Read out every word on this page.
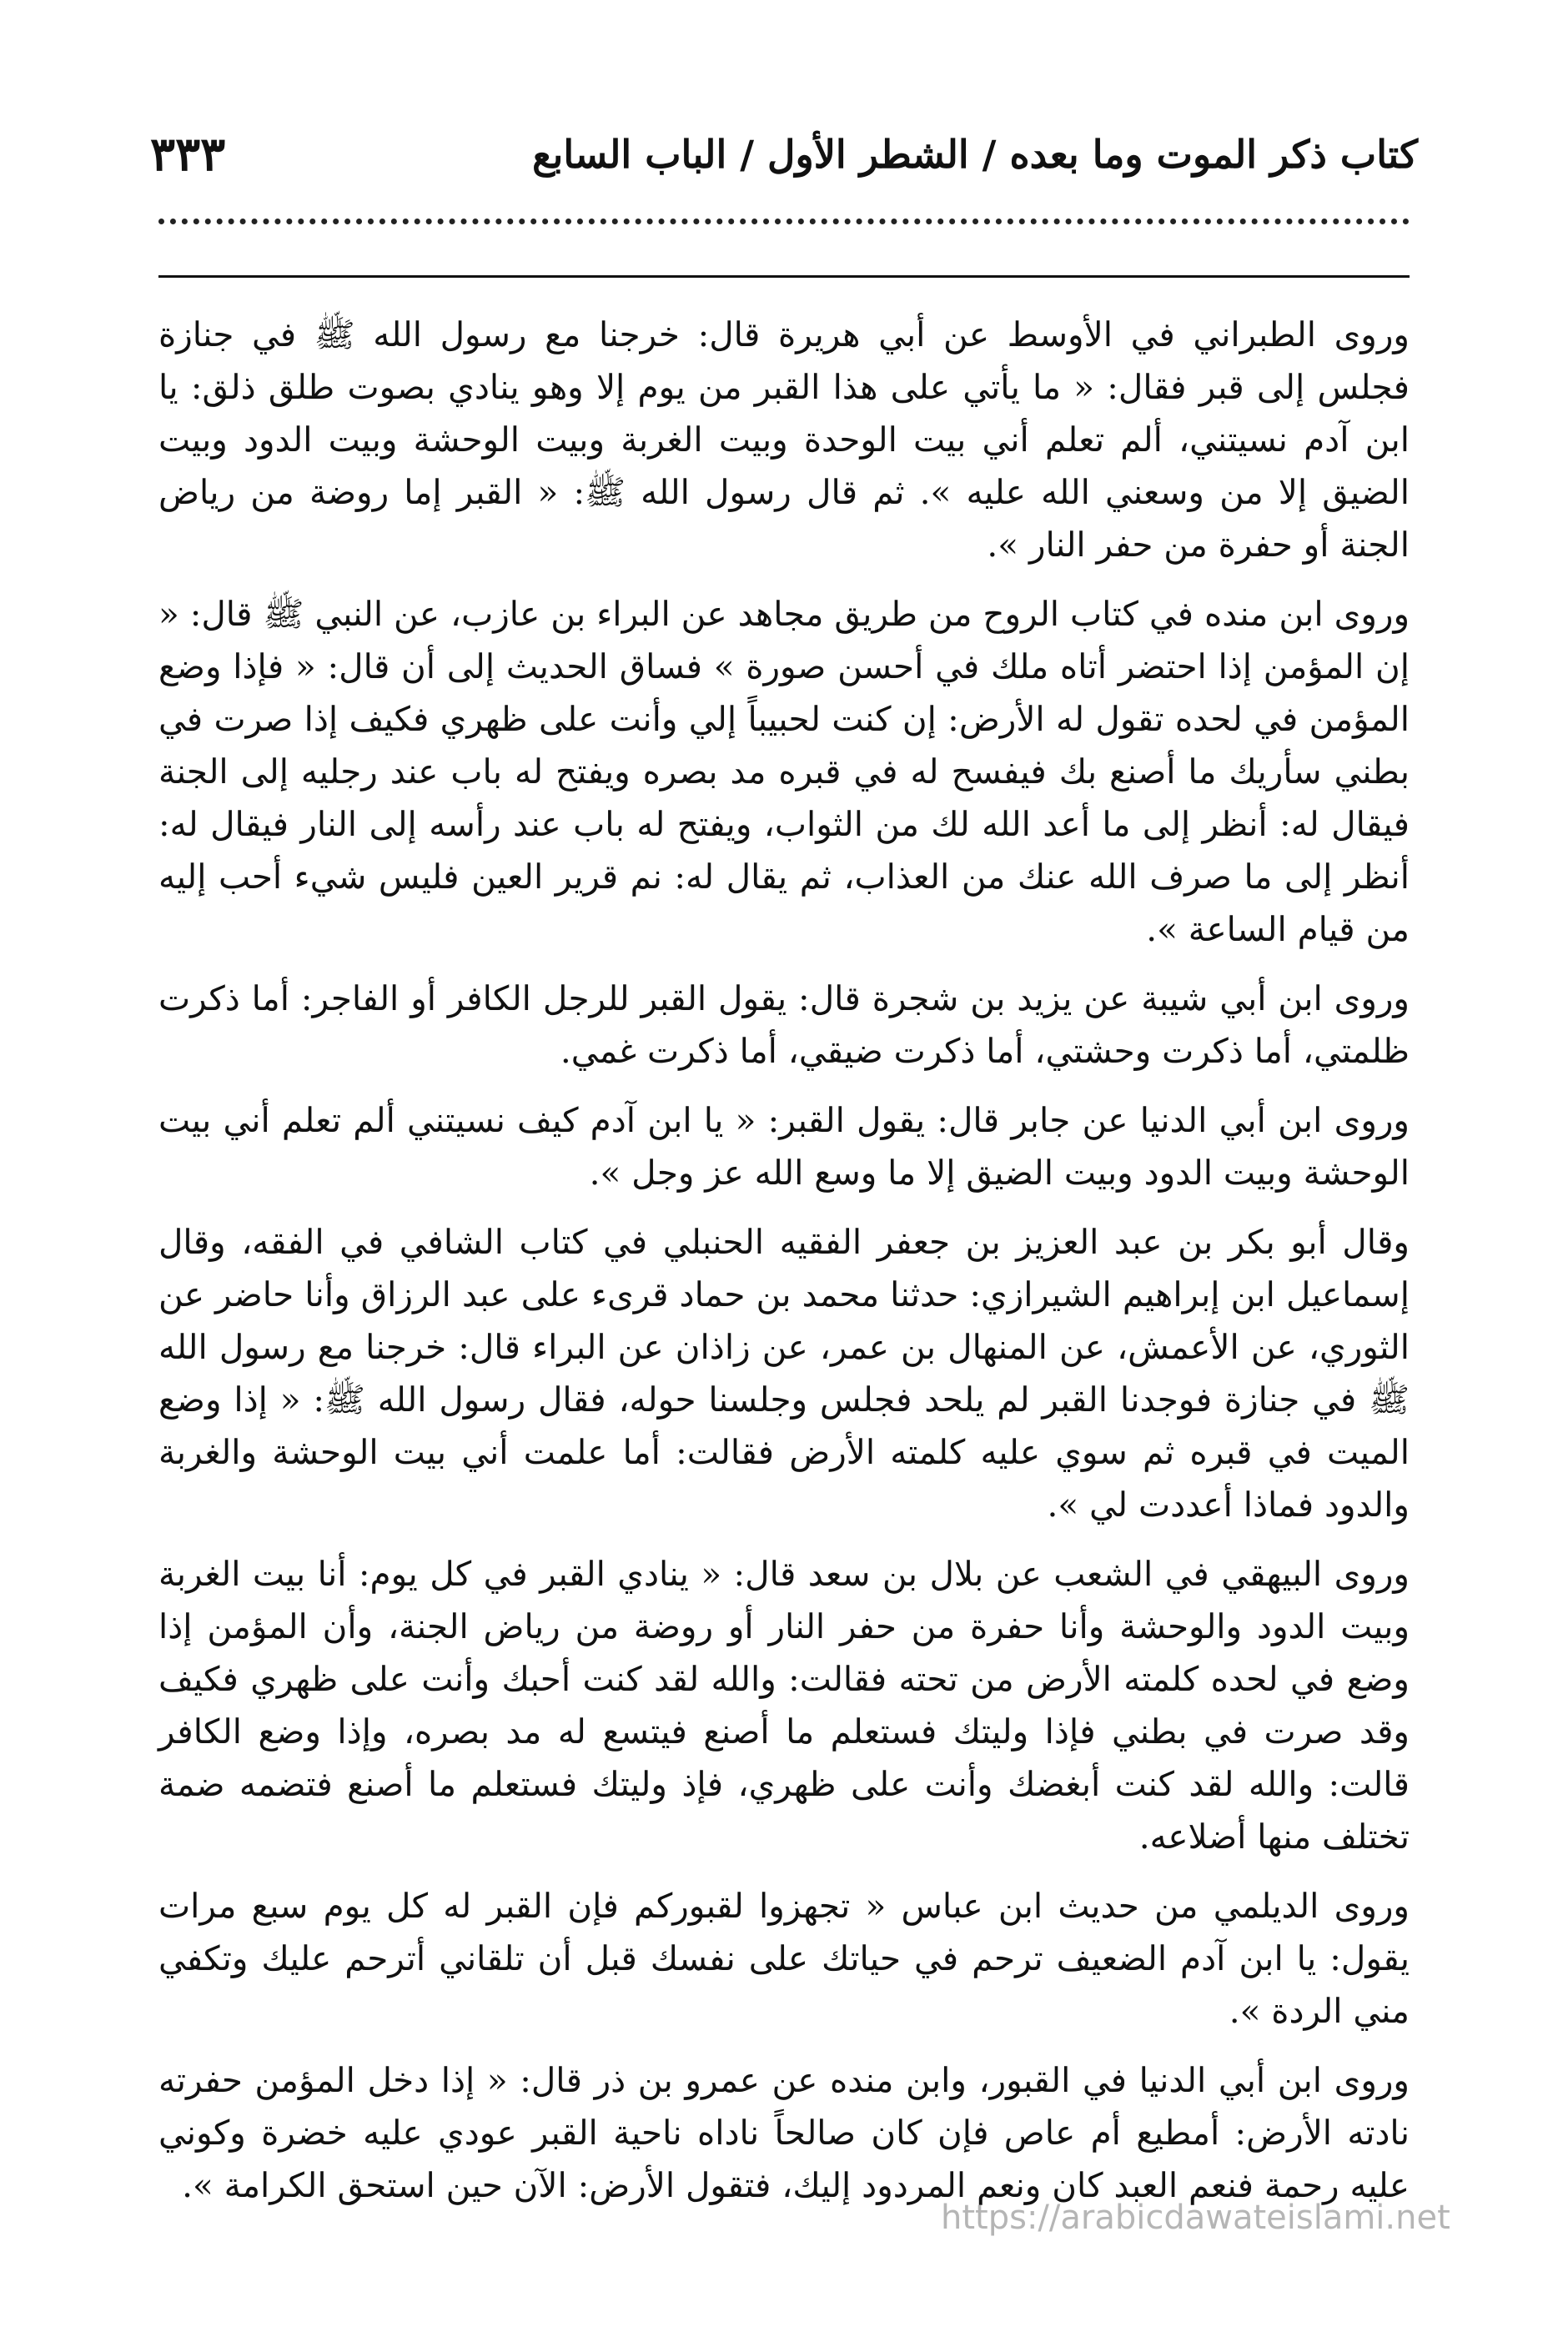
كتاب ذكر الموت وما بعده / الشطر الأول / الباب السابع
٣٣٣

وروى الطبراني في الأوسط عن أبي هريرة قال: خرجنا مع رسول الله ﷺ في جنازة فجلس إلى قبر فقال: « ما يأتي على هذا القبر من يوم إلا وهو ينادي بصوت طلق ذلق: يا ابن آدم نسيتني، ألم تعلم أني بيت الوحدة وبيت الغربة وبيت الوحشة وبيت الدود وبيت الضيق إلا من وسعني الله عليه ». ثم قال رسول الله ﷺ: « القبر إما روضة من رياض الجنة أو حفرة من حفر النار ».

وروى ابن منده في كتاب الروح من طريق مجاهد عن البراء بن عازب، عن النبي ﷺ قال: « إن المؤمن إذا احتضر أتاه ملك في أحسن صورة » فساق الحديث إلى أن قال: « فإذا وضع المؤمن في لحده تقول له الأرض: إن كنت لحبيباً إلي وأنت على ظهري فكيف إذا صرت في بطني سأريك ما أصنع بك فيفسح له في قبره مد بصره ويفتح له باب عند رجليه إلى الجنة فيقال له: أنظر إلى ما أعد الله لك من الثواب، ويفتح له باب عند رأسه إلى النار فيقال له: أنظر إلى ما صرف الله عنك من العذاب، ثم يقال له: نم قرير العين فليس شيء أحب إليه من قيام الساعة ».

وروى ابن أبي شيبة عن يزيد بن شجرة قال: يقول القبر للرجل الكافر أو الفاجر: أما ذكرت ظلمتي، أما ذكرت وحشتي، أما ذكرت ضيقي، أما ذكرت غمي.

وروى ابن أبي الدنيا عن جابر قال: يقول القبر: « يا ابن آدم كيف نسيتني ألم تعلم أني بيت الوحشة وبيت الدود وبيت الضيق إلا ما وسع الله عز وجل ».

وقال أبو بكر بن عبد العزيز بن جعفر الفقيه الحنبلي في كتاب الشافي في الفقه، وقال إسماعيل ابن إبراهيم الشيرازي: حدثنا محمد بن حماد قرىء على عبد الرزاق وأنا حاضر عن الثوري، عن الأعمش، عن المنهال بن عمر، عن زاذان عن البراء قال: خرجنا مع رسول الله ﷺ في جنازة فوجدنا القبر لم يلحد فجلس وجلسنا حوله، فقال رسول الله ﷺ: « إذا وضع الميت في قبره ثم سوي عليه كلمته الأرض فقالت: أما علمت أني بيت الوحشة والغربة والدود فماذا أعددت لي ».

وروى البيهقي في الشعب عن بلال بن سعد قال: « ينادي القبر في كل يوم: أنا بيت الغربة وبيت الدود والوحشة وأنا حفرة من حفر النار أو روضة من رياض الجنة، وأن المؤمن إذا وضع في لحده كلمته الأرض من تحته فقالت: والله لقد كنت أحبك وأنت على ظهري فكيف وقد صرت في بطني فإذا وليتك فستعلم ما أصنع فيتسع له مد بصره، وإذا وضع الكافر قالت: والله لقد كنت أبغضك وأنت على ظهري، فإذ وليتك فستعلم ما أصنع فتضمه ضمة تختلف منها أضلاعه.

وروى الديلمي من حديث ابن عباس « تجهزوا لقبوركم فإن القبر له كل يوم سبع مرات يقول: يا ابن آدم الضعيف ترحم في حياتك على نفسك قبل أن تلقاني أترحم عليك وتكفي مني الردة ».

وروى ابن أبي الدنيا في القبور، وابن منده عن عمرو بن ذر قال: « إذا دخل المؤمن حفرته نادته الأرض: أمطيع أم عاص فإن كان صالحاً ناداه ناحية القبر عودي عليه خضرة وكوني عليه رحمة فنعم العبد كان ونعم المردود إليك، فتقول الأرض: الآن حين استحق الكرامة ».

https://arabicdawateislami.net
